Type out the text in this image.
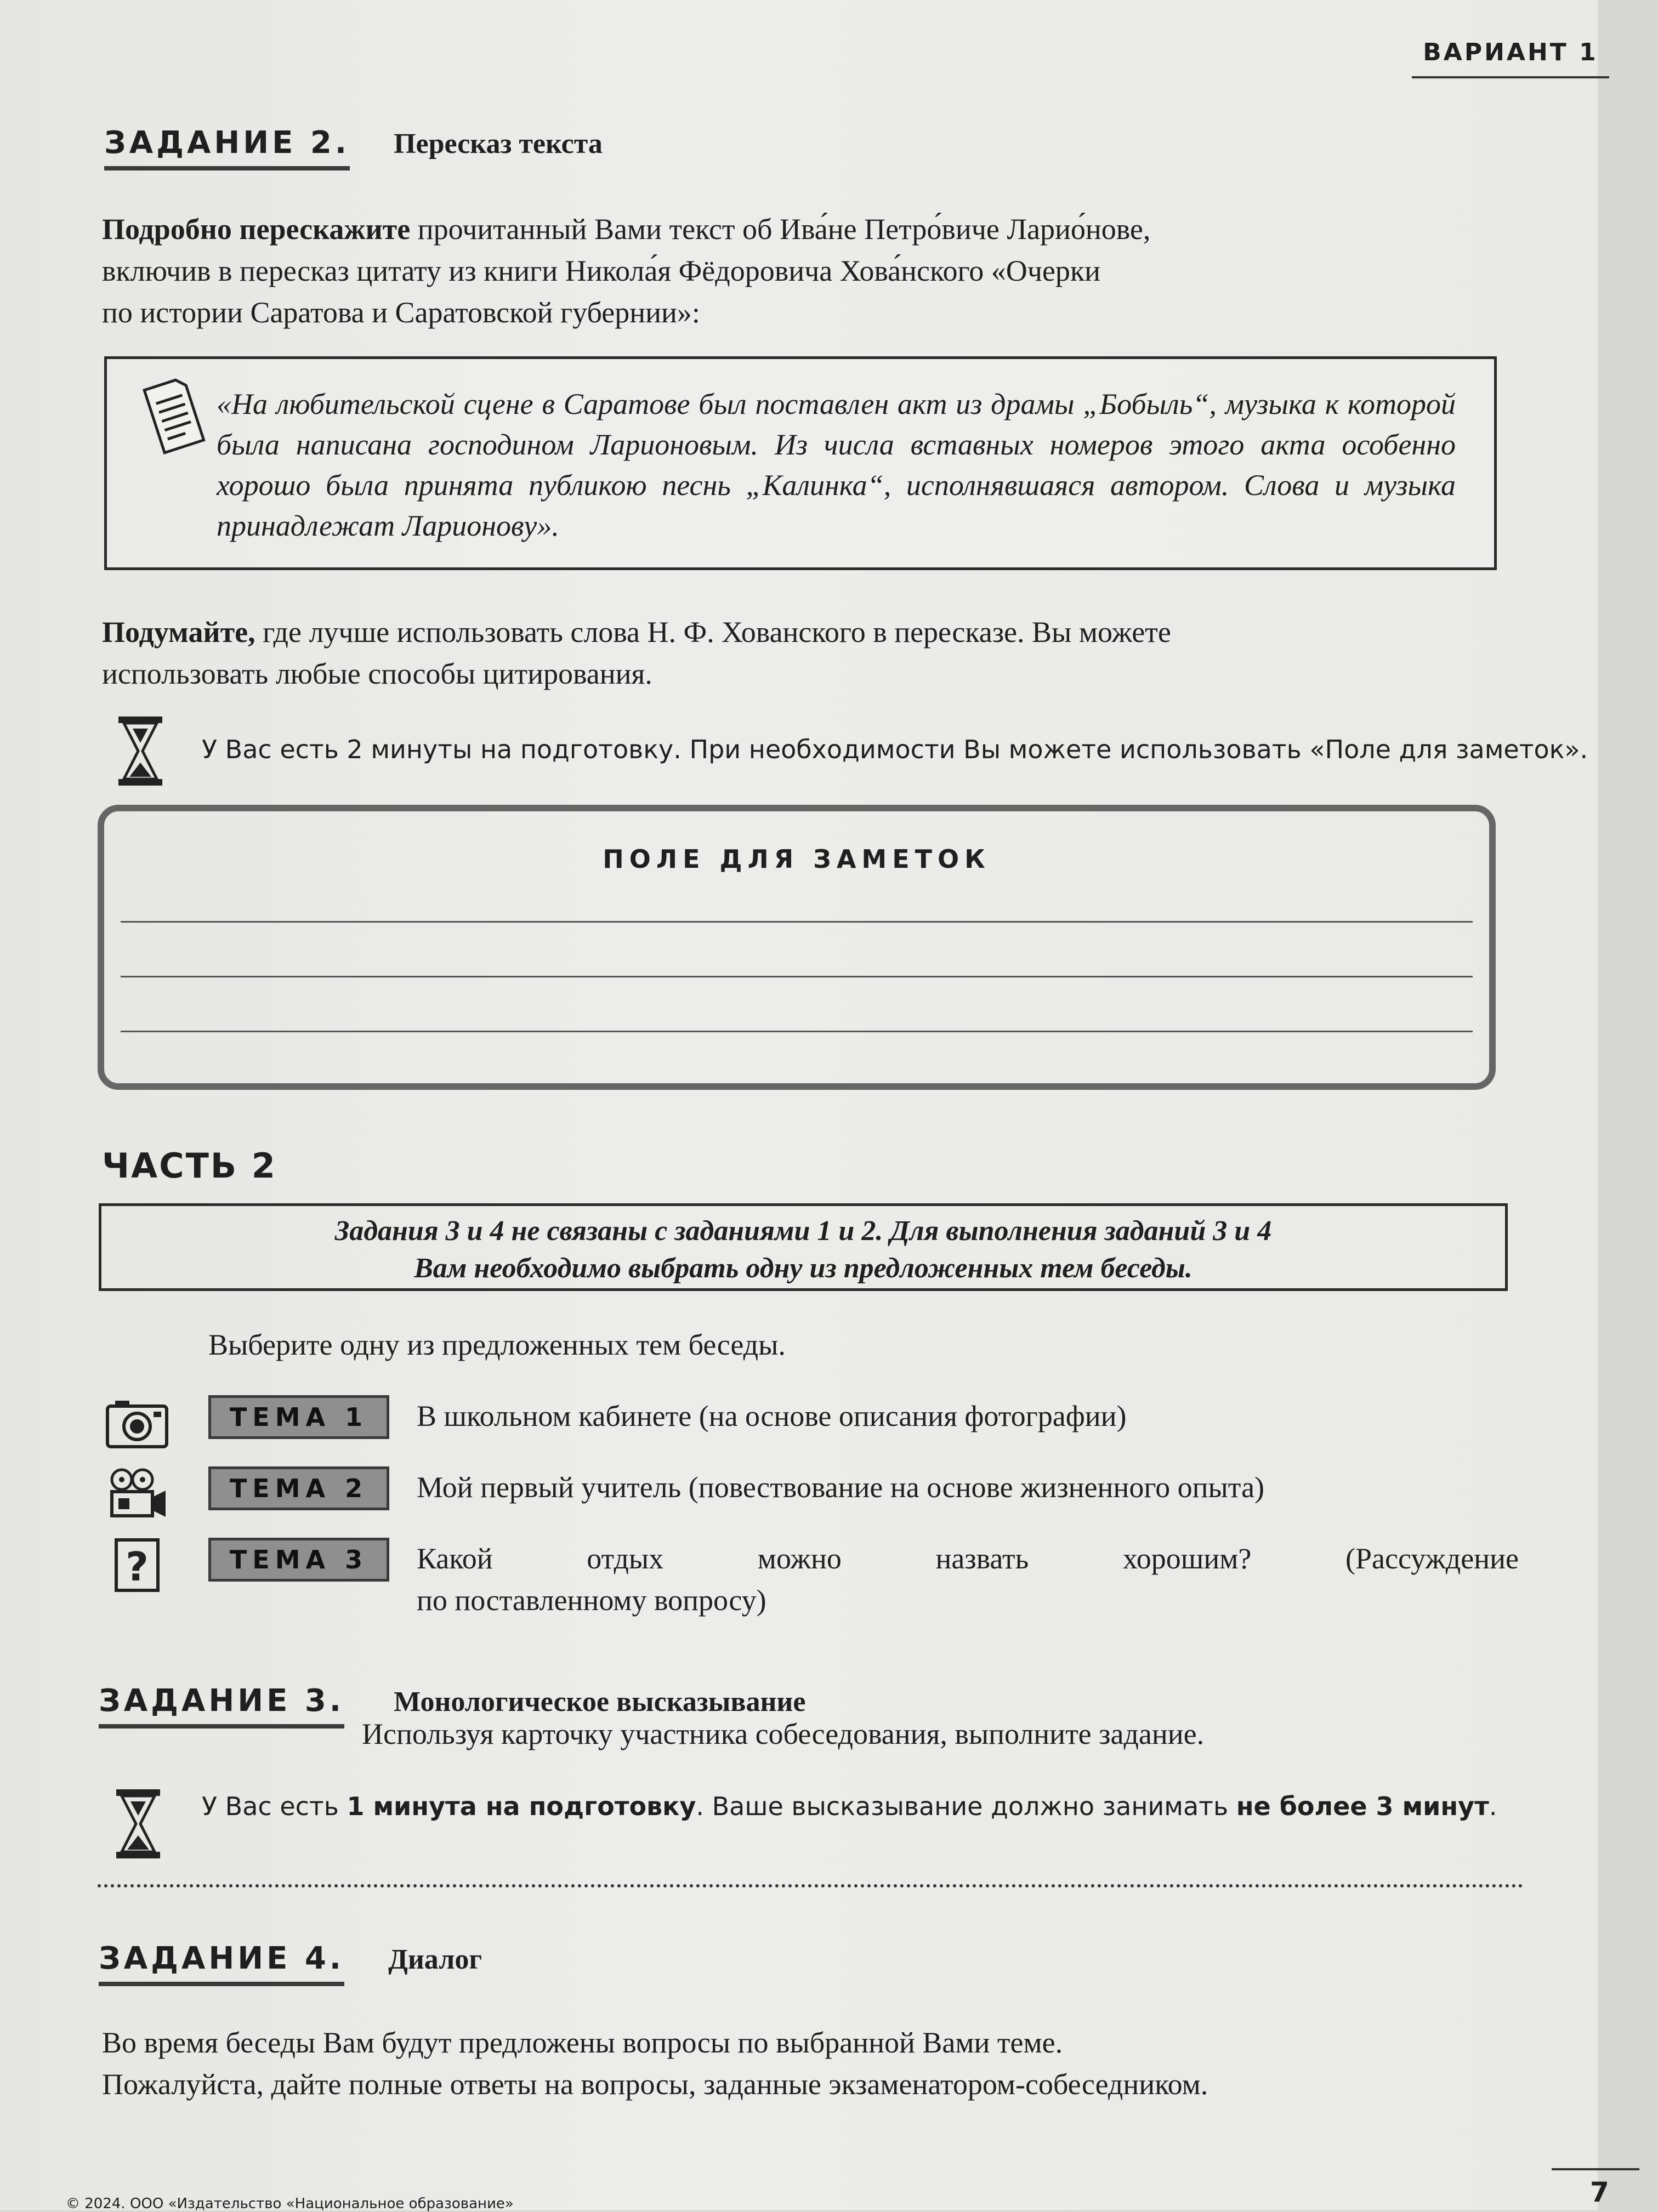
ВАРИАНТ 1
ЗАДАНИЕ 2. Пересказ текста
Подробно перескажите прочитанный Вами текст об Ива́не Петро́виче Ларио́нове,
включив в пересказ цитату из книги Никола́я Фёдоровича Хова́нского «Очерки
по истории Саратова и Саратовской губернии»:
«На любительской сцене в Саратове был поставлен акт из драмы „Бобыль“, музыка к которой была написана господином Ларионовым. Из числа вставных номеров этого акта особенно хорошо была принята публикою песнь „Калинка“, исполнявшаяся автором. Слова и музыка принадлежат Ларионову».
Подумайте, где лучше использовать слова Н. Ф. Хованского в пересказе. Вы можете
использовать любые способы цитирования.
У Вас есть 2 минуты на подготовку. При необходимости Вы можете использовать «Поле для заметок».
ПОЛЕ ДЛЯ ЗАМЕТОК
ЧАСТЬ 2
Задания 3 и 4 не связаны с заданиями 1 и 2. Для выполнения заданий 3 и 4
Вам необходимо выбрать одну из предложенных тем беседы.
Выберите одну из предложенных тем беседы.
ТЕМА 1	В школьном кабинете (на основе описания фотографии)
ТЕМА 2	Мой первый учитель (повествование на основе жизненного опыта)
?	ТЕМА 3	Какой отдых можно назвать хорошим? (Рассуждение
по поставленному вопросу)
ЗАДАНИЕ 3. Монологическое высказывание
Используя карточку участника собеседования, выполните задание.
У Вас есть 1 минута на подготовку. Ваше высказывание должно занимать не более 3 минут.
ЗАДАНИЕ 4. Диалог
Во время беседы Вам будут предложены вопросы по выбранной Вами теме.
Пожалуйста, дайте полные ответы на вопросы, заданные экзаменатором-собеседником.
© 2024. ООО «Издательство «Национальное образование»	7
